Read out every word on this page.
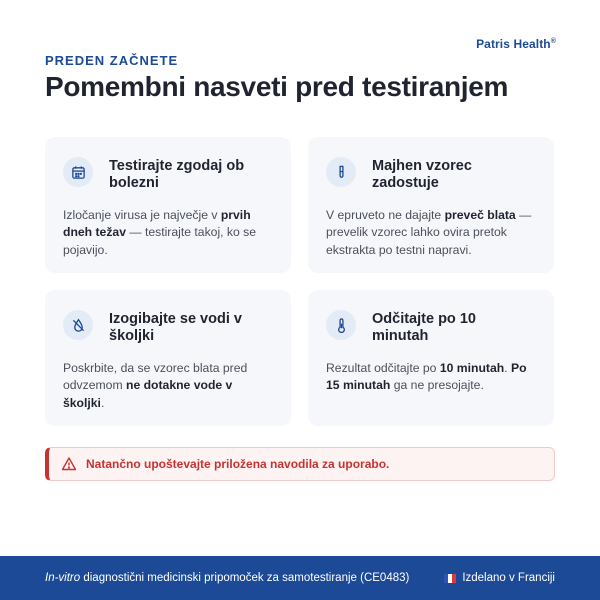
Patris Health®
PREDEN ZAČNETE
Pomembni nasveti pred testiranjem
Testirajte zgodaj ob bolezni
Izločanje virusa je največje v prvih dneh težav — testirajte takoj, ko se pojavijo.
Majhen vzorec zadostuje
V epruveto ne dajajte preveč blata — prevelik vzorec lahko ovira pretok ekstrakta po testni napravi.
Izogibajte se vodi v školjki
Poskrbite, da se vzorec blata pred odvzemom ne dotakne vode v školjki.
Odčitajte po 10 minutah
Rezultat odčitajte po 10 minutah. Po 15 minutah ga ne presojajte.
Natančno upoštevajte priložena navodila za uporabo.
In-vitro diagnostični medicinski pripomoček za samotestiranje (CE0483)	Izdelano v Franciji
